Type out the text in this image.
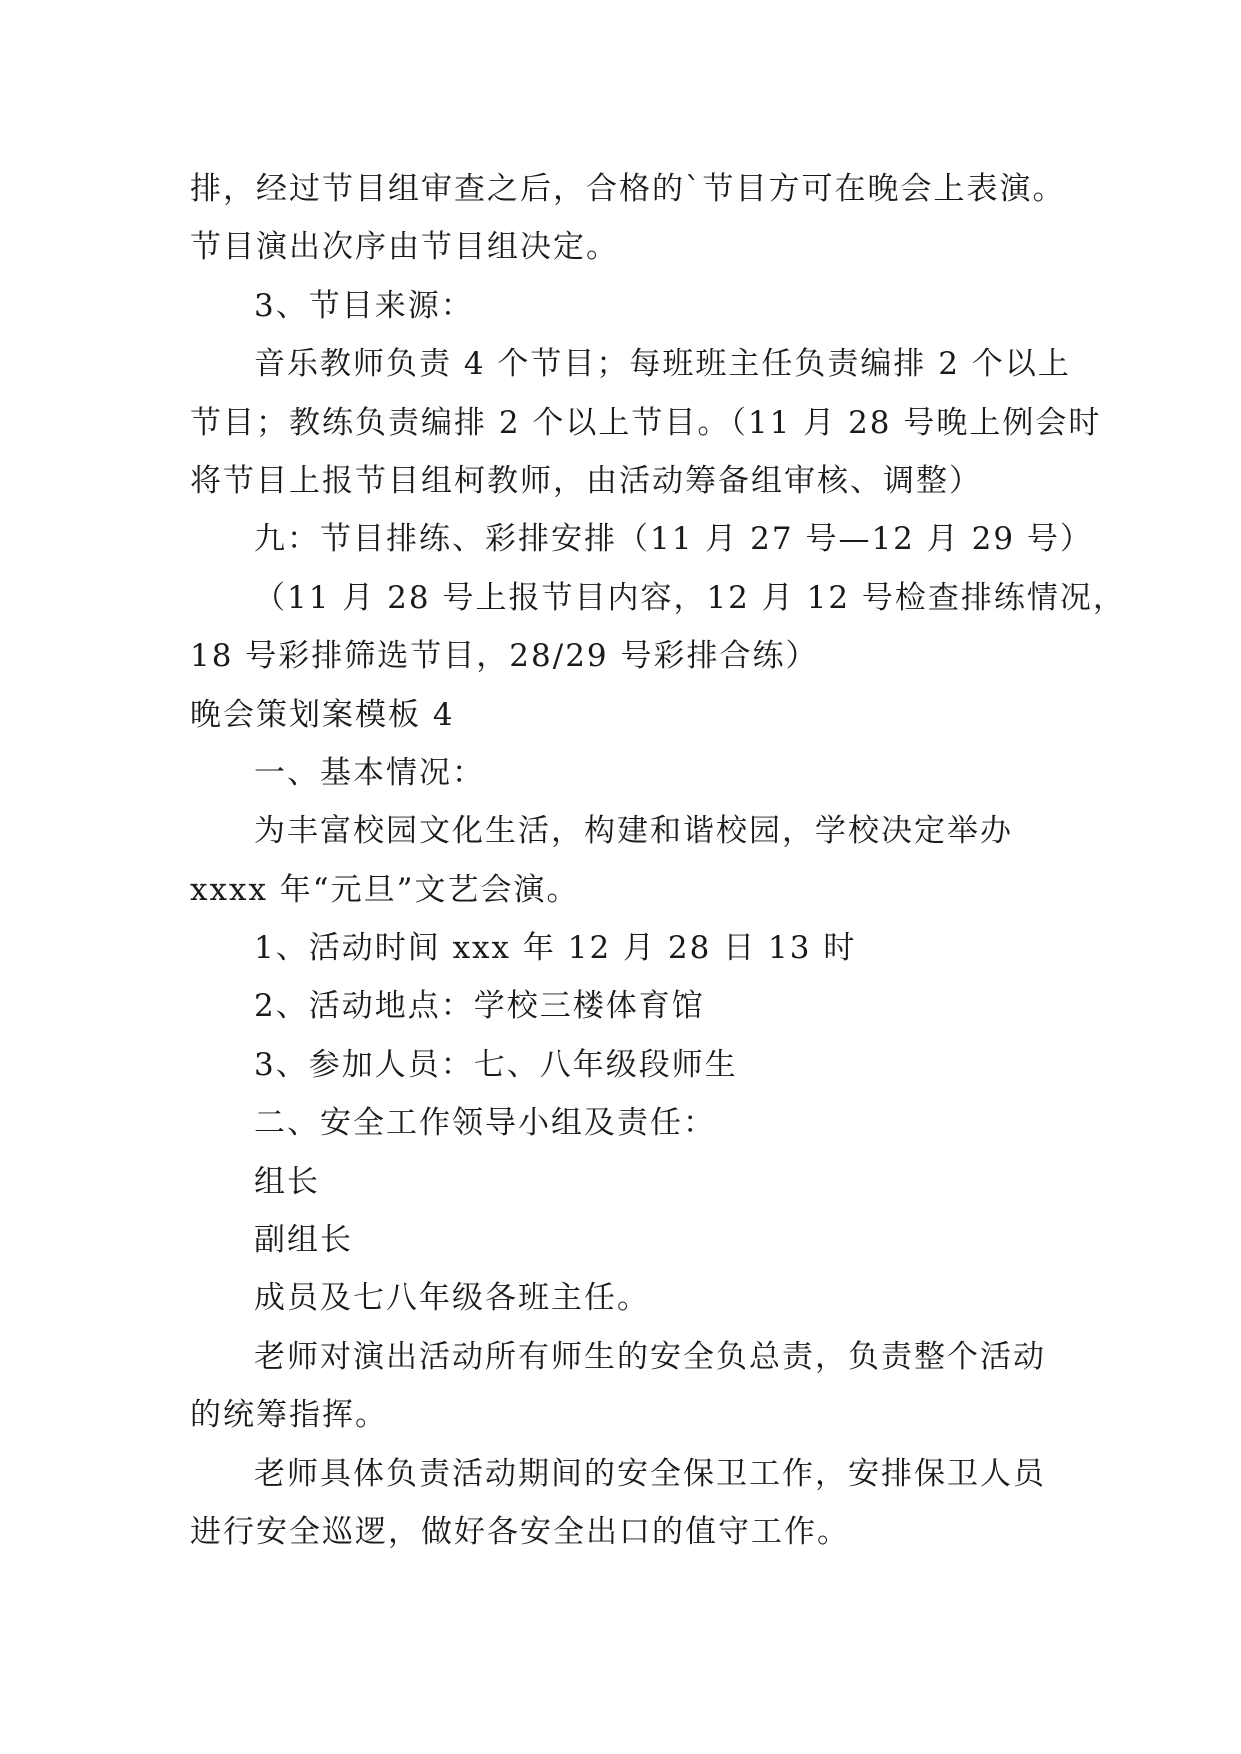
排，经过节目组审查之后，合格的`节目方可在晚会上表演。
节目演出次序由节目组决定。
3、节目来源：
音乐教师负责 4 个节目；每班班主任负责编排 2 个以上
节目；教练负责编排 2 个以上节目。（11 月 28 号晚上例会时
将节目上报节目组柯教师，由活动筹备组审核、调整）
九：节目排练、彩排安排（11 月 27 号—12 月 29 号）
（11 月 28 号上报节目内容，12 月 12 号检查排练情况，
18 号彩排筛选节目，28/29 号彩排合练）
晚会策划案模板 4
一、基本情况：
为丰富校园文化生活，构建和谐校园，学校决定举办
xxxx 年“元旦”文艺会演。
1、活动时间 xxx 年 12 月 28 日 13 时
2、活动地点：学校三楼体育馆
3、参加人员：七、八年级段师生
二、安全工作领导小组及责任：
组长
副组长
成员及七八年级各班主任。
老师对演出活动所有师生的安全负总责，负责整个活动
的统筹指挥。
老师具体负责活动期间的安全保卫工作，安排保卫人员
进行安全巡逻，做好各安全出口的值守工作。
